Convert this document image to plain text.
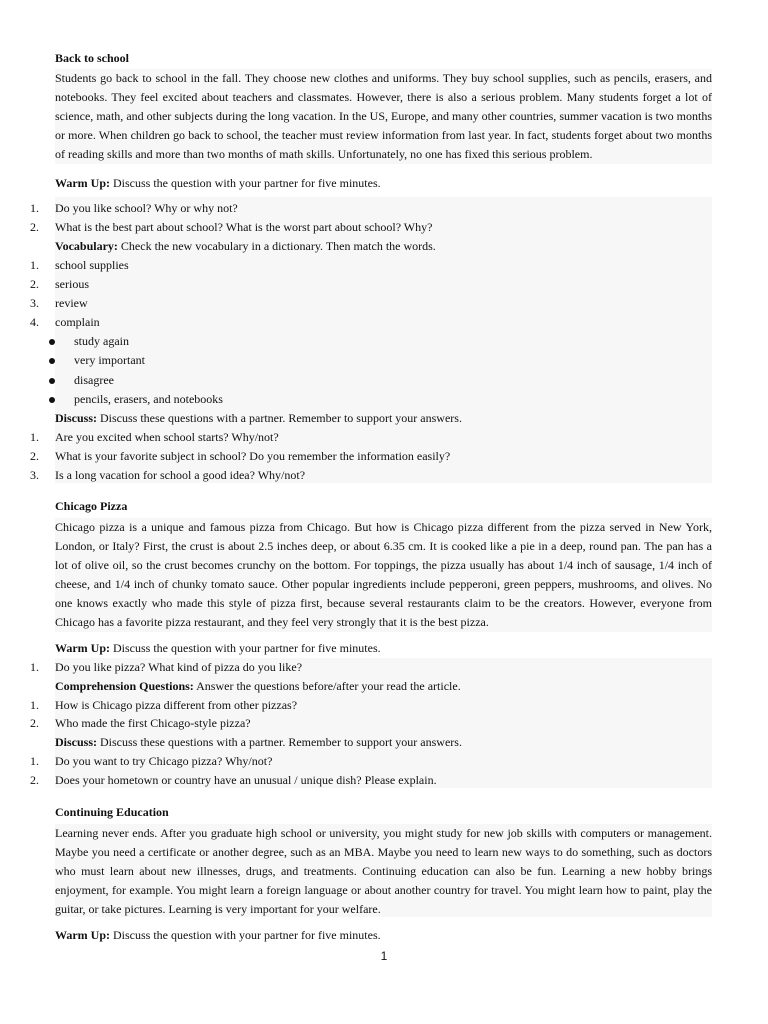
Back to school
Students go back to school in the fall. They choose new clothes and uniforms. They buy school supplies, such as pencils, erasers, and notebooks. They feel excited about teachers and classmates. However, there is also a serious problem. Many students forget a lot of science, math, and other subjects during the long vacation. In the US, Europe, and many other countries, summer vacation is two months or more. When children go back to school, the teacher must review information from last year. In fact, students forget about two months of reading skills and more than two months of math skills. Unfortunately, no one has fixed this serious problem.
Warm Up: Discuss the question with your partner for five minutes.
1.	Do you like school? Why or why not?
2.	What is the best part about school? What is the worst part about school? Why?
Vocabulary: Check the new vocabulary in a dictionary. Then match the words.
1.	school supplies
2.	serious
3.	review
4.	complain
study again
very important
disagree
pencils, erasers, and notebooks
Discuss: Discuss these questions with a partner. Remember to support your answers.
1.	Are you excited when school starts? Why/not?
2.	What is your favorite subject in school? Do you remember the information easily?
3.	Is a long vacation for school a good idea? Why/not?
Chicago Pizza
Chicago pizza is a unique and famous pizza from Chicago. But how is Chicago pizza different from the pizza served in New York, London, or Italy? First, the crust is about 2.5 inches deep, or about 6.35 cm. It is cooked like a pie in a deep, round pan. The pan has a lot of olive oil, so the crust becomes crunchy on the bottom. For toppings, the pizza usually has about 1/4 inch of sausage, 1/4 inch of cheese, and 1/4 inch of chunky tomato sauce. Other popular ingredients include pepperoni, green peppers, mushrooms, and olives. No one knows exactly who made this style of pizza first, because several restaurants claim to be the creators. However, everyone from Chicago has a favorite pizza restaurant, and they feel very strongly that it is the best pizza.
Warm Up: Discuss the question with your partner for five minutes.
1.	Do you like pizza? What kind of pizza do you like?
Comprehension Questions: Answer the questions before/after your read the article.
1.	How is Chicago pizza different from other pizzas?
2.	Who made the first Chicago-style pizza?
Discuss: Discuss these questions with a partner. Remember to support your answers.
1.	Do you want to try Chicago pizza? Why/not?
2.	Does your hometown or country have an unusual / unique dish? Please explain.
Continuing Education
Learning never ends. After you graduate high school or university, you might study for new job skills with computers or management. Maybe you need a certificate or another degree, such as an MBA. Maybe you need to learn new ways to do something, such as doctors who must learn about new illnesses, drugs, and treatments. Continuing education can also be fun. Learning a new hobby brings enjoyment, for example. You might learn a foreign language or about another country for travel. You might learn how to paint, play the guitar, or take pictures. Learning is very important for your welfare.
Warm Up: Discuss the question with your partner for five minutes.
1
